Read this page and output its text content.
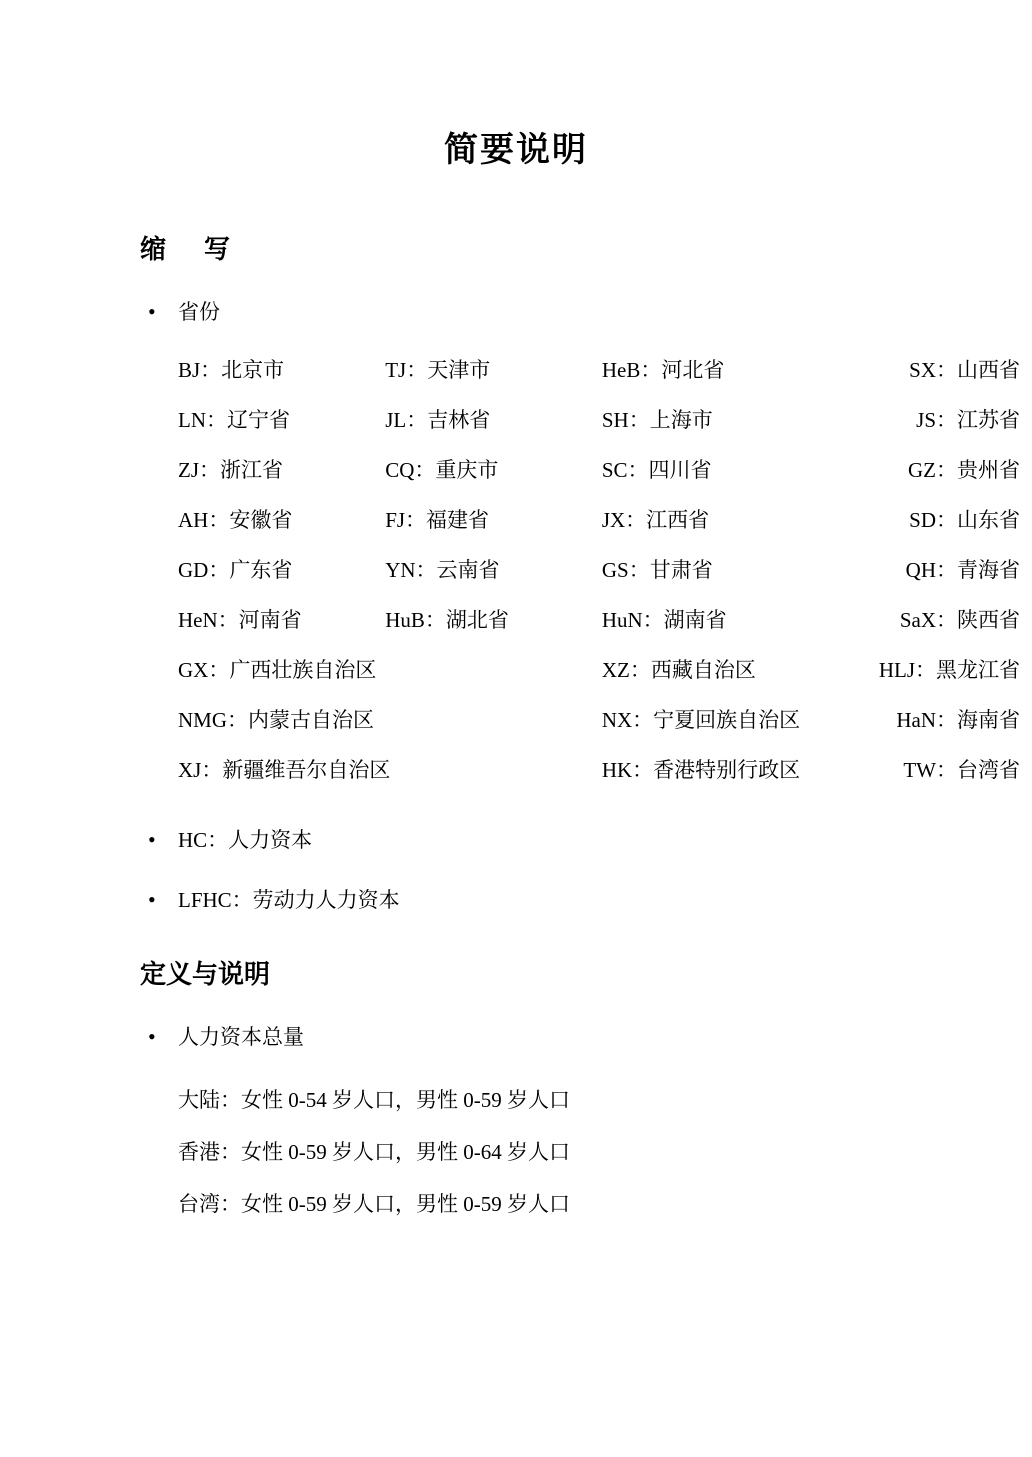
简要说明
缩　写
•	省份
BJ：北京市	TJ：天津市	HeB：河北省	SX：山西省
LN：辽宁省	JL：吉林省	SH：上海市	JS：江苏省
ZJ：浙江省	CQ：重庆市	SC：四川省	GZ：贵州省
AH：安徽省	FJ：福建省	JX：江西省	SD：山东省
GD：广东省	YN：云南省	GS：甘肃省	QH：青海省
HeN：河南省	HuB：湖北省	HuN：湖南省	SaX：陕西省
GX：广西壮族自治区		XZ：西藏自治区	HLJ：黑龙江省
NMG：内蒙古自治区		NX：宁夏回族自治区	HaN：海南省
XJ：新疆维吾尔自治区		HK：香港特别行政区	TW：台湾省
•	HC：人力资本
•	LFHC：劳动力人力资本
定义与说明
•	人力资本总量
大陆：女性 0-54 岁人口，男性 0-59 岁人口
香港：女性 0-59 岁人口，男性 0-64 岁人口
台湾：女性 0-59 岁人口，男性 0-59 岁人口
